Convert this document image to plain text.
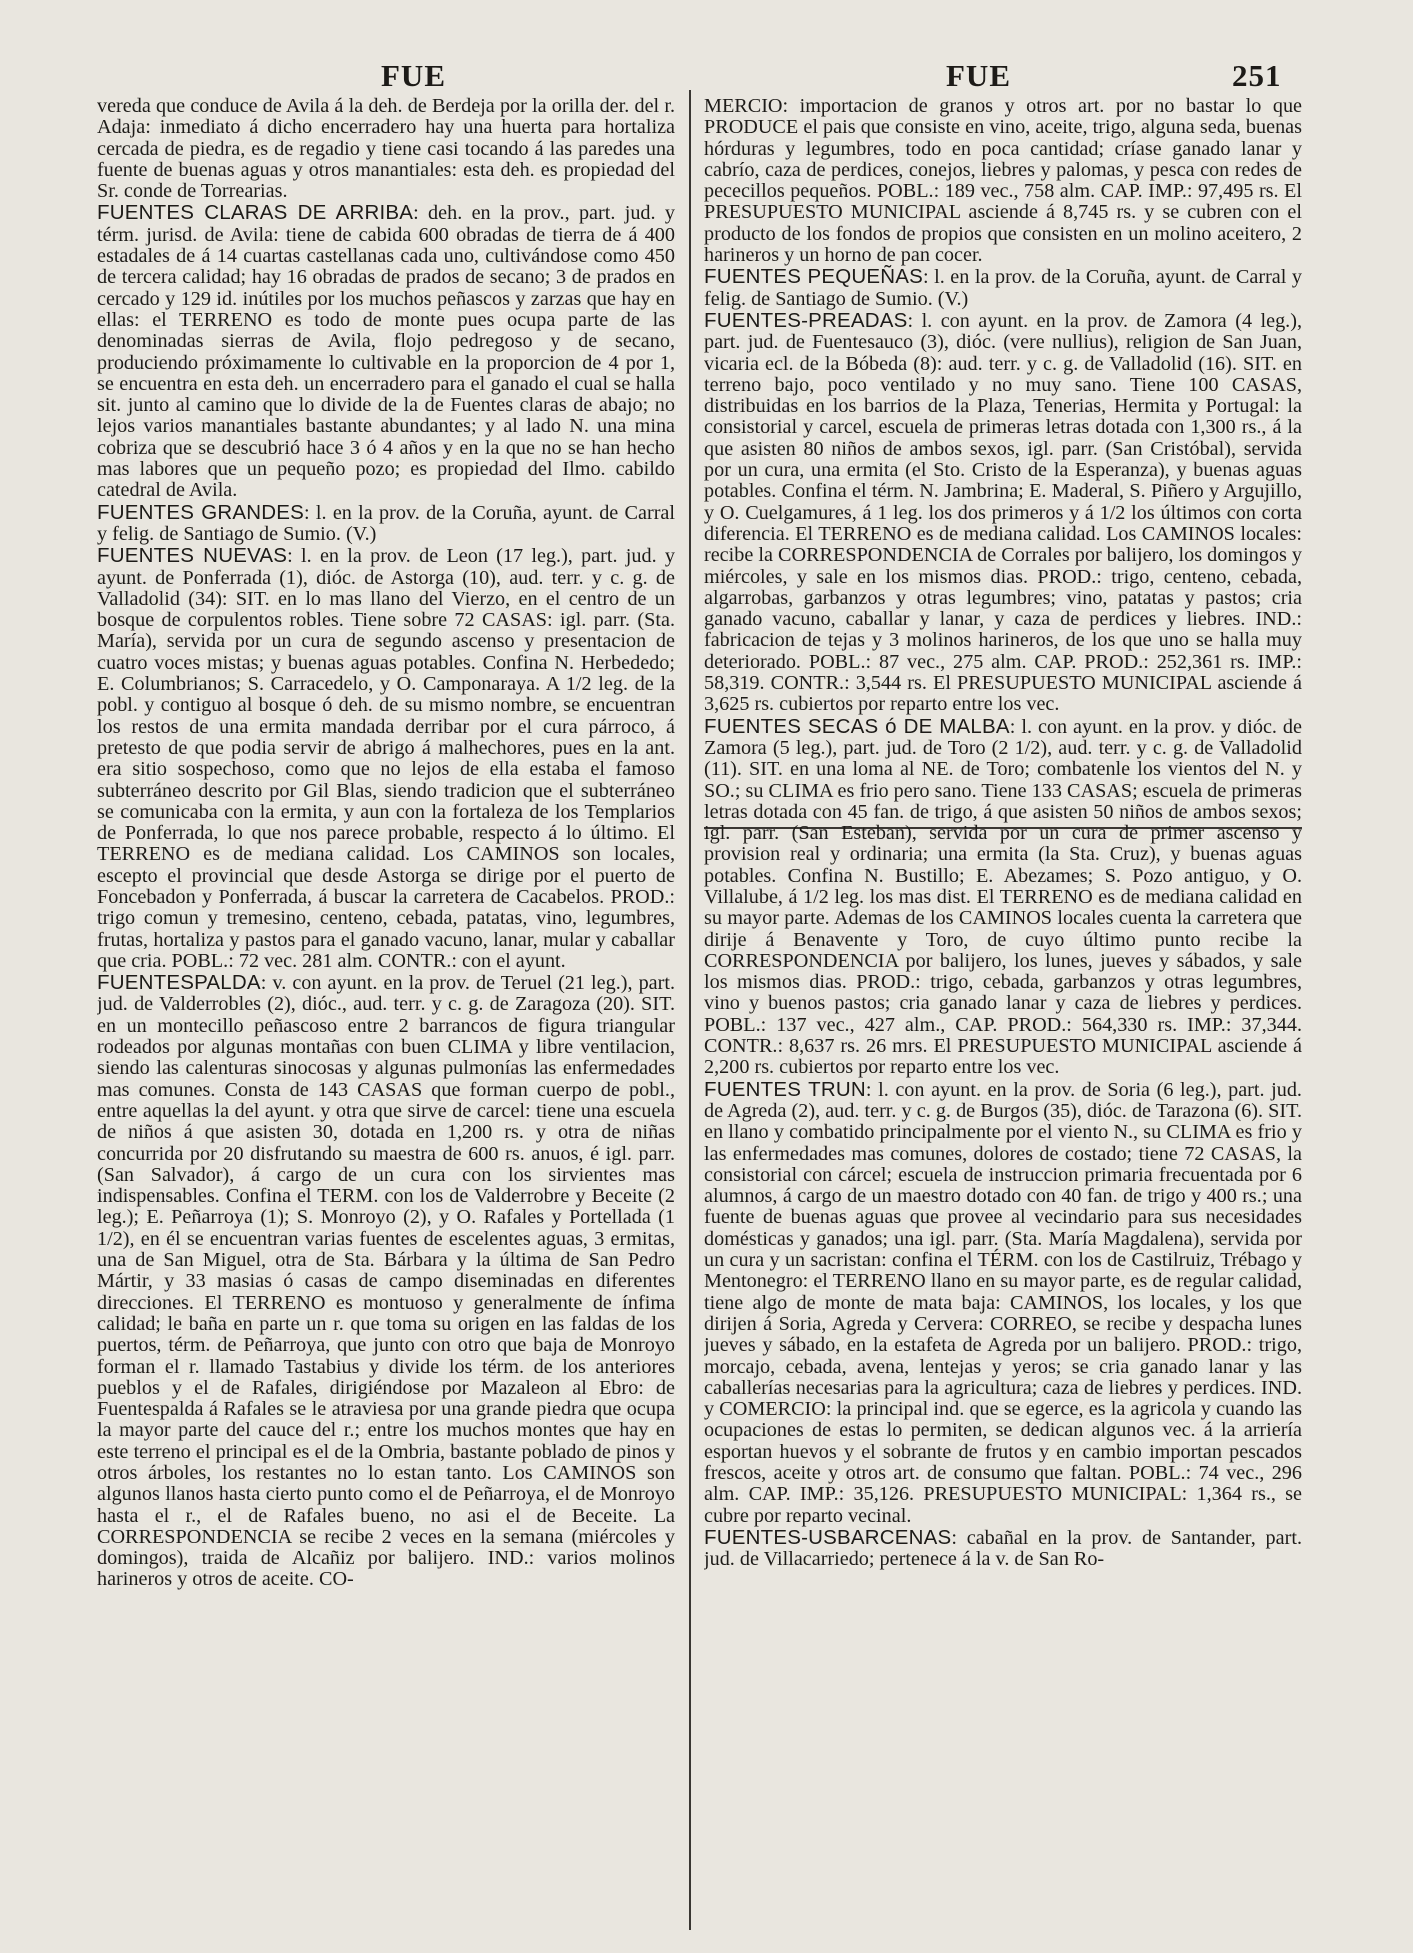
FUE	FUE	251

vereda que conduce de Avila á la deh. de Berdeja por la orilla der. del r. Adaja: inmediato á dicho encerradero hay una huerta para hortaliza cercada de piedra, es de regadio y tiene casi tocando á las paredes una fuente de buenas aguas y otros manantiales: esta deh. es propiedad del Sr. conde de Torrearias.

FUENTES CLARAS DE ARRIBA: deh. en la prov., part. jud. y térm. jurisd. de Avila: tiene de cabida 600 obradas de tierra de á 400 estadales de á 14 cuartas castellanas cada uno, cultivándose como 450 de tercera calidad; hay 16 obradas de prados de secano; 3 de prados en cercado y 129 id. inútiles por los muchos peñascos y zarzas que hay en ellas: el TERRENO es todo de monte pues ocupa parte de las denominadas sierras de Avila, flojo pedregoso y de secano, produciendo próximamente lo cultivable en la proporcion de 4 por 1, se encuentra en esta deh. un encerradero para el ganado el cual se halla sit. junto al camino que lo divide de la de Fuentes claras de abajo; no lejos varios manantiales bastante abundantes; y al lado N. una mina cobriza que se descubrió hace 3 ó 4 años y en la que no se han hecho mas labores que un pequeño pozo; es propiedad del Ilmo. cabildo catedral de Avila.

FUENTES GRANDES: l. en la prov. de la Coruña, ayunt. de Carral y felig. de Santiago de Sumio. (V.)

FUENTES NUEVAS: l. en la prov. de Leon (17 leg.), part. jud. y ayunt. de Ponferrada (1), dióc. de Astorga (10), aud. terr. y c. g. de Valladolid (34): SIT. en lo mas llano del Vierzo, en el centro de un bosque de corpulentos robles. Tiene sobre 72 CASAS: igl. parr. (Sta. María), servida por un cura de segundo ascenso y presentacion de cuatro voces mistas; y buenas aguas potables. Confina N. Herbededo; E. Columbrianos; S. Carracedelo, y O. Camponaraya. A 1/2 leg. de la pobl. y contiguo al bosque ó deh. de su mismo nombre, se encuentran los restos de una ermita mandada derribar por el cura párroco, á pretesto de que podia servir de abrigo á malhechores, pues en la ant. era sitio sospechoso, como que no lejos de ella estaba el famoso subterráneo descrito por Gil Blas, siendo tradicion que el subterráneo se comunicaba con la ermita, y aun con la fortaleza de los Templarios de Ponferrada, lo que nos parece probable, respecto á lo último. El TERRENO es de mediana calidad. Los CAMINOS son locales, escepto el provincial que desde Astorga se dirige por el puerto de Foncebadon y Ponferrada, á buscar la carretera de Cacabelos. PROD.: trigo comun y tremesino, centeno, cebada, patatas, vino, legumbres, frutas, hortaliza y pastos para el ganado vacuno, lanar, mular y caballar que cria. POBL.: 72 vec. 281 alm. CONTR.: con el ayunt.

FUENTESPALDA: v. con ayunt. en la prov. de Teruel (21 leg.), part. jud. de Valderrobles (2), dióc., aud. terr. y c. g. de Zaragoza (20). SIT. en un montecillo peñascoso entre 2 barrancos de figura triangular rodeados por algunas montañas con buen CLIMA y libre ventilacion, siendo las calenturas sinocosas y algunas pulmonías las enfermedades mas comunes. Consta de 143 CASAS que forman cuerpo de pobl., entre aquellas la del ayunt. y otra que sirve de carcel: tiene una escuela de niños á que asisten 30, dotada en 1,200 rs. y otra de niñas concurrida por 20 disfrutando su maestra de 600 rs. anuos, é igl. parr. (San Salvador), á cargo de un cura con los sirvientes mas indispensables. Confina el TERM. con los de Valderrobre y Beceite (2 leg.); E. Peñarroya (1); S. Monroyo (2), y O. Rafales y Portellada (1 1/2), en él se encuentran varias fuentes de escelentes aguas, 3 ermitas, una de San Miguel, otra de Sta. Bárbara y la última de San Pedro Mártir, y 33 masias ó casas de campo diseminadas en diferentes direcciones. El TERRENO es montuoso y generalmente de ínfima calidad; le baña en parte un r. que toma su origen en las faldas de los puertos, térm. de Peñarroya, que junto con otro que baja de Monroyo forman el r. llamado Tastabius y divide los térm. de los anteriores pueblos y el de Rafales, dirigiéndose por Mazaleon al Ebro: de Fuentespalda á Rafales se le atraviesa por una grande piedra que ocupa la mayor parte del cauce del r.; entre los muchos montes que hay en este terreno el principal es el de la Ombria, bastante poblado de pinos y otros árboles, los restantes no lo estan tanto. Los CAMINOS son algunos llanos hasta cierto punto como el de Peñarroya, el de Monroyo hasta el r., el de Rafales bueno, no asi el de Beceite. La CORRESPONDENCIA se recibe 2 veces en la semana (miércoles y domingos), traida de Alcañiz por balijero. IND.: varios molinos harineros y otros de aceite. CO-

MERCIO: importacion de granos y otros art. por no bastar lo que PRODUCE el pais que consiste en vino, aceite, trigo, alguna seda, buenas hórduras y legumbres, todo en poca cantidad; críase ganado lanar y cabrío, caza de perdices, conejos, liebres y palomas, y pesca con redes de pececillos pequeños. POBL.: 189 vec., 758 alm. CAP. IMP.: 97,495 rs. El PRESUPUESTO MUNICIPAL asciende á 8,745 rs. y se cubren con el producto de los fondos de propios que consisten en un molino aceitero, 2 harineros y un horno de pan cocer.

FUENTES PEQUEÑAS: l. en la prov. de la Coruña, ayunt. de Carral y felig. de Santiago de Sumio. (V.)

FUENTES-PREADAS: l. con ayunt. en la prov. de Zamora (4 leg.), part. jud. de Fuentesauco (3), dióc. (vere nullius), religion de San Juan, vicaria ecl. de la Bóbeda (8): aud. terr. y c. g. de Valladolid (16). SIT. en terreno bajo, poco ventilado y no muy sano. Tiene 100 CASAS, distribuidas en los barrios de la Plaza, Tenerias, Hermita y Portugal: la consistorial y carcel, escuela de primeras letras dotada con 1,300 rs., á la que asisten 80 niños de ambos sexos, igl. parr. (San Cristóbal), servida por un cura, una ermita (el Sto. Cristo de la Esperanza), y buenas aguas potables. Confina el térm. N. Jambrina; E. Maderal, S. Piñero y Argujillo, y O. Cuelgamures, á 1 leg. los dos primeros y á 1/2 los últimos con corta diferencia. El TERRENO es de mediana calidad. Los CAMINOS locales: recibe la CORRESPONDENCIA de Corrales por balijero, los domingos y miércoles, y sale en los mismos dias. PROD.: trigo, centeno, cebada, algarrobas, garbanzos y otras legumbres; vino, patatas y pastos; cria ganado vacuno, caballar y lanar, y caza de perdices y liebres. IND.: fabricacion de tejas y 3 molinos harineros, de los que uno se halla muy deteriorado. POBL.: 87 vec., 275 alm. CAP. PROD.: 252,361 rs. IMP.: 58,319. CONTR.: 3,544 rs. El PRESUPUESTO MUNICIPAL asciende á 3,625 rs. cubiertos por reparto entre los vec.

FUENTES SECAS ó DE MALBA: l. con ayunt. en la prov. y dióc. de Zamora (5 leg.), part. jud. de Toro (2 1/2), aud. terr. y c. g. de Valladolid (11). SIT. en una loma al NE. de Toro; combatenle los vientos del N. y SO.; su CLIMA es frio pero sano. Tiene 133 CASAS; escuela de primeras letras dotada con 45 fan. de trigo, á que asisten 50 niños de ambos sexos; igl. parr. (San Esteban), servida por un cura de primer ascenso y provision real y ordinaria; una ermita (la Sta. Cruz), y buenas aguas potables. Confina N. Bustillo; E. Abezames; S. Pozo antiguo, y O. Villalube, á 1/2 leg. los mas dist. El TERRENO es de mediana calidad en su mayor parte. Ademas de los CAMINOS locales cuenta la carretera que dirije á Benavente y Toro, de cuyo último punto recibe la CORRESPONDENCIA por balijero, los lunes, jueves y sábados, y sale los mismos dias. PROD.: trigo, cebada, garbanzos y otras legumbres, vino y buenos pastos; cria ganado lanar y caza de liebres y perdices. POBL.: 137 vec., 427 alm., CAP. PROD.: 564,330 rs. IMP.: 37,344. CONTR.: 8,637 rs. 26 mrs. El PRESUPUESTO MUNICIPAL asciende á 2,200 rs. cubiertos por reparto entre los vec.

FUENTES TRUN: l. con ayunt. en la prov. de Soria (6 leg.), part. jud. de Agreda (2), aud. terr. y c. g. de Burgos (35), dióc. de Tarazona (6). SIT. en llano y combatido principalmente por el viento N., su CLIMA es frio y las enfermedades mas comunes, dolores de costado; tiene 72 CASAS, la consistorial con cárcel; escuela de instruccion primaria frecuentada por 6 alumnos, á cargo de un maestro dotado con 40 fan. de trigo y 400 rs.; una fuente de buenas aguas que provee al vecindario para sus necesidades domésticas y ganados; una igl. parr. (Sta. María Magdalena), servida por un cura y un sacristan: confina el TÉRM. con los de Castilruiz, Trébago y Mentonegro: el TERRENO llano en su mayor parte, es de regular calidad, tiene algo de monte de mata baja: CAMINOS, los locales, y los que dirijen á Soria, Agreda y Cervera: CORREO, se recibe y despacha lunes jueves y sábado, en la estafeta de Agreda por un balijero. PROD.: trigo, morcajo, cebada, avena, lentejas y yeros; se cria ganado lanar y las caballerías necesarias para la agricultura; caza de liebres y perdices. IND. y COMERCIO: la principal ind. que se egerce, es la agricola y cuando las ocupaciones de estas lo permiten, se dedican algunos vec. á la arriería esportan huevos y el sobrante de frutos y en cambio importan pescados frescos, aceite y otros art. de consumo que faltan. POBL.: 74 vec., 296 alm. CAP. IMP.: 35,126. PRESUPUESTO MUNICIPAL: 1,364 rs., se cubre por reparto vecinal.

FUENTES-USBARCENAS: cabañal en la prov. de Santander, part. jud. de Villacarriedo; pertenece á la v. de San Ro-
